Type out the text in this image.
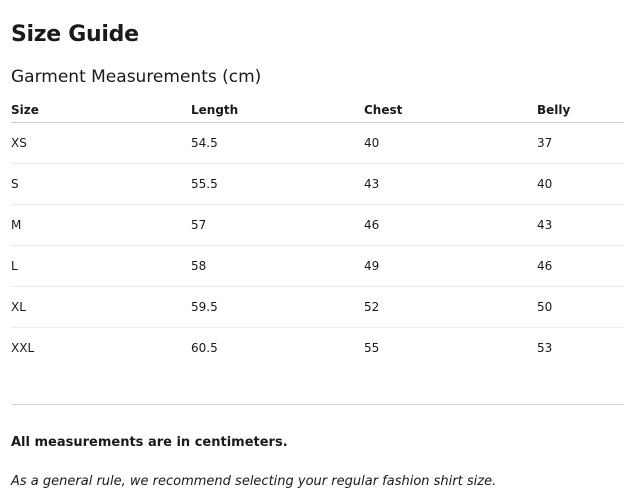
Size Guide
Garment Measurements (cm)
Size	Length	Chest	Belly
XS	54.5	40	37
S	55.5	43	40
M	57	46	43
L	58	49	46
XL	59.5	52	50
XXL	60.5	55	53

All measurements are in centimeters.

As a general rule, we recommend selecting your regular fashion shirt size.
